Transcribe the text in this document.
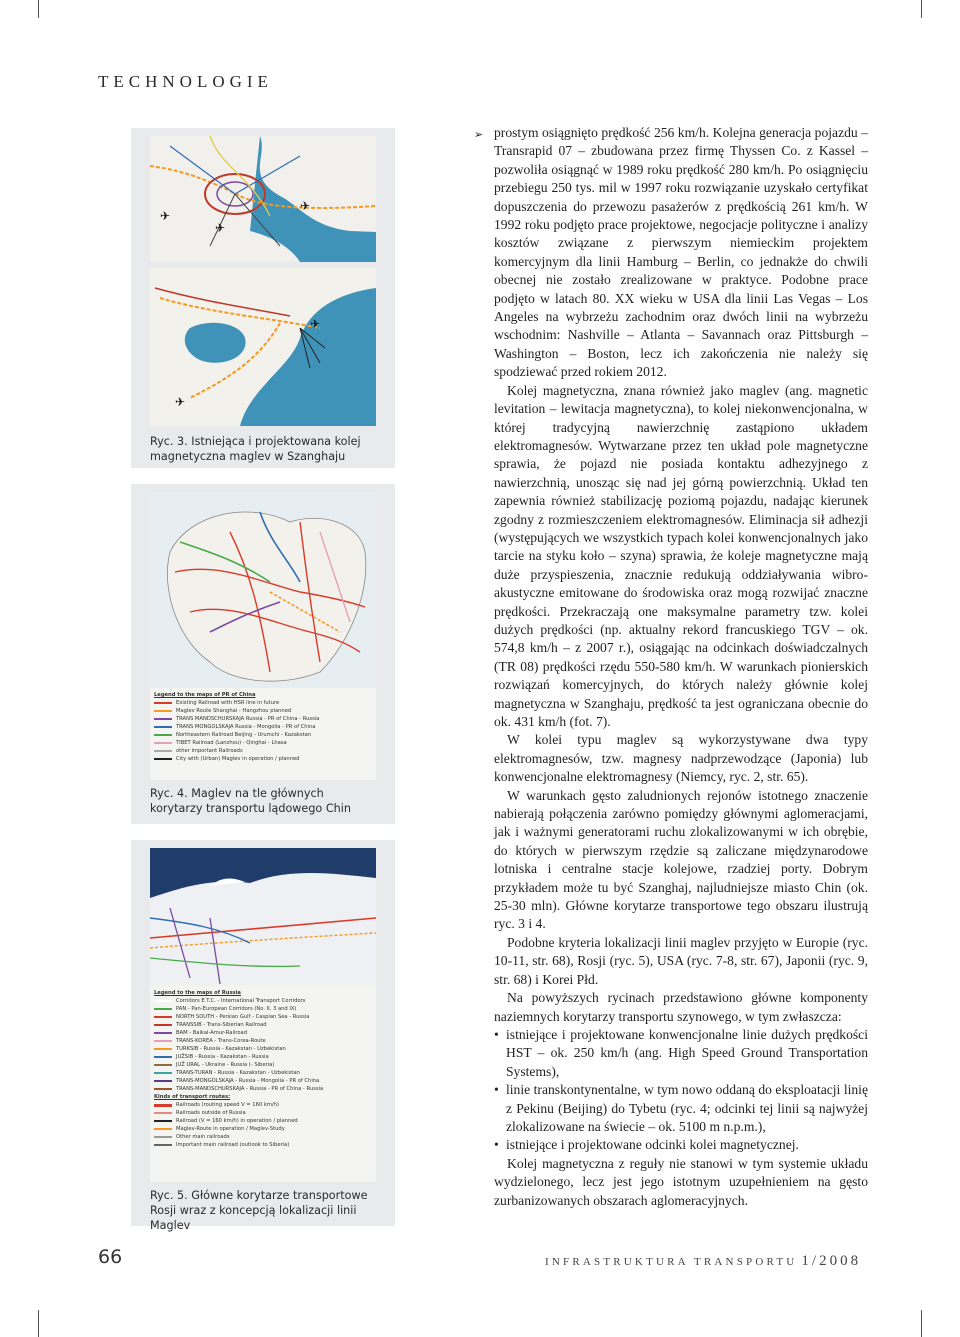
TECHNOLOGIE
✈
✈
✈
✈
✈
Ryc. 3. Istniejąca i projektowana kolej magnetyczna maglev w Szanghaju
Legend to the maps of PR of China
Existing Railroad with HSR line in future
Maglev Route Shanghai - Hangzhou planned
TRANS MANDSCHURSKAJA Russia - PR of China - Russia
TRANS MONGOLSKAJA Russia - Mongolia - PR of China
Northeastern Railroad Beijing - Urumchi - Kazakstan
TIBET Railroad (Lanzhou) - Qinghai - Lhasa
other important Railroads
City with (Urban) Maglev in operation / planned
Ryc. 4. Maglev na tle głównych korytarzy transportu lądowego Chin
Legend to the maps of Russia
Corridors E.T.C. - International Transport Corridors
PAN - Pan-European Corridors (No. II, 3 and IX)
NORTH SOUTH - Persian Gulf - Caspian Sea - Russia
TRANSSIB - Trans-Siberian Railroad
BAM - Baikal-Amur-Railroad
TRANS-KOREA - Trans-Corea-Route
TURKSIB - Russia - Kazakstan - Uzbekistan
JUŽSIB - Russia - Kazakstan - Russia
JUŽ URAL - Ukraine - Russia (- Siberia)
TRANS-TURAN - Russia - Kazakstan - Uzbekistan
TRANS-MONGOLSKAJA - Russia - Mongolia - PR of China
TRANS-MANDSCHURSKAJA - Russia - PR of China - Russia
Kinds of transport routes:
Railroads (routing speed V = 160 km/h)
Railroads outside of Russia
Railroad (V = 160 km/h) in operation / planned
Maglev-Route in operation / Maglev-Study
Other main railroads
Important main railroad (outlook to Siberia)
Ryc. 5. Główne korytarze transportowe Rosji wraz z koncepcją lokalizacji linii Maglev
➢ prostym osiągnięto prędkość 256 km/h. Kolejna generacja pojazdu – Transrapid 07 – zbudowana przez firmę Thyssen Co. z Kassel – pozwoliła osiągnąć w 1989 roku prędkość 280 km/h. Po osiągnięciu przebiegu 250 tys. mil w 1997 roku rozwiązanie uzyskało certyfikat dopuszczenia do przewozu pasażerów z prędkością 261 km/h. W 1992 roku podjęto prace projektowe, negocjacje polityczne i analizy kosztów związane z pierwszym niemieckim projektem komercyjnym dla linii Hamburg – Berlin, co jednakże do chwili obecnej nie zostało zrealizowane w praktyce. Podobne prace podjęto w latach 80. XX wieku w USA dla linii Las Vegas – Los Angeles na wybrzeżu zachodnim oraz dwóch linii na wybrzeżu wschodnim: Nashville – Atlanta – Savannach oraz Pittsburgh – Washington – Boston, lecz ich zakończenia nie należy się spodziewać przed rokiem 2012.

Kolej magnetyczna, znana również jako maglev (ang. magnetic levitation – lewitacja magnetyczna), to kolej niekonwencjonalna, w której tradycyjną nawierzchnię zastąpiono układem elektromagnesów. Wytwarzane przez ten układ pole magnetyczne sprawia, że pojazd nie posiada kontaktu adhezyjnego z nawierzchnią, unosząc się nad jej górną powierzchnią. Układ ten zapewnia również stabilizację poziomą pojazdu, nadając kierunek zgodny z rozmieszczeniem elektromagnesów. Eliminacja sił adhezji (występujących we wszystkich typach kolei konwencjonalnych jako tarcie na styku koło – szyna) sprawia, że koleje magnetyczne mają duże przyspieszenia, znacznie redukują oddziaływania wibro-akustyczne emitowane do środowiska oraz mogą rozwijać znaczne prędkości. Przekraczają one maksymalne parametry tzw. kolei dużych prędkości (np. aktualny rekord francuskiego TGV – ok. 574,8 km/h – z 2007 r.), osiągając na odcinkach doświadczalnych (TR 08) prędkości rzędu 550-580 km/h. W warunkach pionierskich rozwiązań komercyjnych, do których należy głównie kolej magnetyczna w Szanghaju, prędkość ta jest ograniczana obecnie do ok. 431 km/h (fot. 7).

W kolei typu maglev są wykorzystywane dwa typy elektromagnesów, tzw. magnesy nadprzewodzące (Japonia) lub konwencjonalne elektromagnesy (Niemcy, ryc. 2, str. 65).

W warunkach gęsto zaludnionych rejonów istotnego znaczenie nabierają połączenia zarówno pomiędzy głównymi aglomeracjami, jak i ważnymi generatorami ruchu zlokalizowanymi w ich obrębie, do których w pierwszym rzędzie są zaliczane międzynarodowe lotniska i centralne stacje kolejowe, rzadziej porty. Dobrym przykładem może tu być Szanghaj, najludniejsze miasto Chin (ok. 25-30 mln). Główne korytarze transportowe tego obszaru ilustrują ryc. 3 i 4.

Podobne kryteria lokalizacji linii maglev przyjęto w Europie (ryc. 10-11, str. 68), Rosji (ryc. 5), USA (ryc. 7-8, str. 67), Japonii (ryc. 9, str. 68) i Korei Płd.

Na powyższych rycinach przedstawiono główne komponenty naziemnych korytarzy transportu szynowego, w tym zwłaszcza:

• istniejące i projektowane konwencjonalne linie dużych prędkości HST – ok. 250 km/h (ang. High Speed Ground Transportation Systems),
• linie transkontynentalne, w tym nowo oddaną do eksploatacji linię z Pekinu (Beijing) do Tybetu (ryc. 4; odcinki tej linii są najwyżej zlokalizowane na świecie – ok. 5100 m n.p.m.),
• istniejące i projektowane odcinki kolei magnetycznej.

Kolej magnetyczna z reguły nie stanowi w tym systemie układu wydzielonego, lecz jest jego istotnym uzupełnieniem na gęsto zurbanizowanych obszarach aglomeracyjnych.

66	INFRASTRUKTURA TRANSPORTU 1/2008
